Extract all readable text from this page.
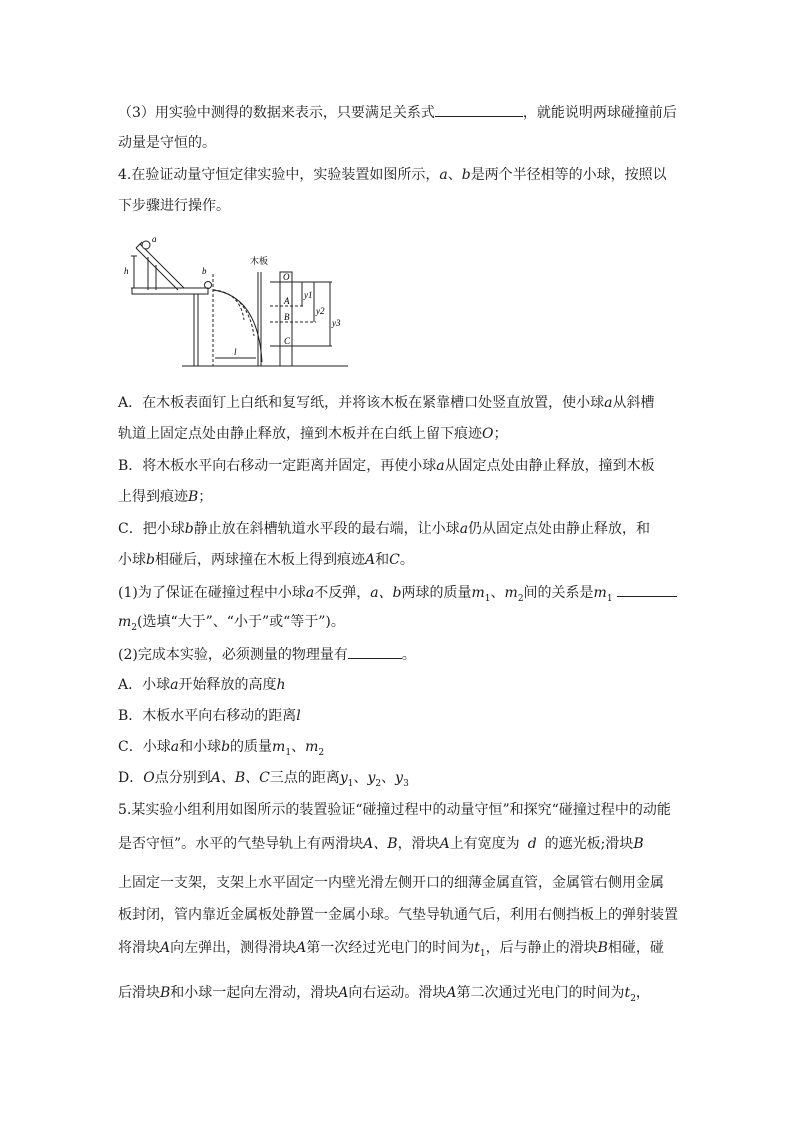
（3）用实验中测得的数据来表示，只要满足关系式	，就能说明两球碰撞前后
动量是守恒的。
4.在验证动量守恒定律实验中，实验装置如图所示，a、b是两个半径相等的小球，按照以
下步骤进行操作。
a
h	b
木板
O
A
B
C
y1
y2
y3
l
A．在木板表面钉上白纸和复写纸，并将该木板在紧靠槽口处竖直放置，使小球a从斜槽
轨道上固定点处由静止释放，撞到木板并在白纸上留下痕迹O；
B．将木板水平向右移动一定距离并固定，再使小球a从固定点处由静止释放，撞到木板
上得到痕迹B；
C．把小球b静止放在斜槽轨道水平段的最右端，让小球a仍从固定点处由静止释放，和
小球b相碰后，两球撞在木板上得到痕迹A和C。
(1)为了保证在碰撞过程中小球a不反弹，a、b两球的质量$m_1$、$m_2$间的关系是$m_1$
$m_2$(选填“大于”、“小于”或“等于”)。
(2)完成本实验，必须测量的物理量有	。
A．小球a开始释放的高度h
B．木板水平向右移动的距离l
C．小球a和小球b的质量$m_1$、$m_2$
D．O点分别到A、B、C三点的距离$y_1$、$y_2$、$y_3$
5.某实验小组利用如图所示的装置验证“碰撞过程中的动量守恒”和探究“碰撞过程中的动能
是否守恒”。水平的气垫导轨上有两滑块A、B，滑块A上有宽度为 d 的遮光板;滑块B
上固定一支架，支架上水平固定一内壁光滑左侧开口的细薄金属直管，金属管右侧用金属
板封闭，管内靠近金属板处静置一金属小球。气垫导轨通气后，利用右侧挡板上的弹射装置
将滑块A向左弹出，测得滑块A第一次经过光电门的时间为$t_1$，后与静止的滑块B相碰，碰
后滑块B和小球一起向左滑动，滑块A向右运动。滑块A第二次通过光电门的时间为$t_2$，
